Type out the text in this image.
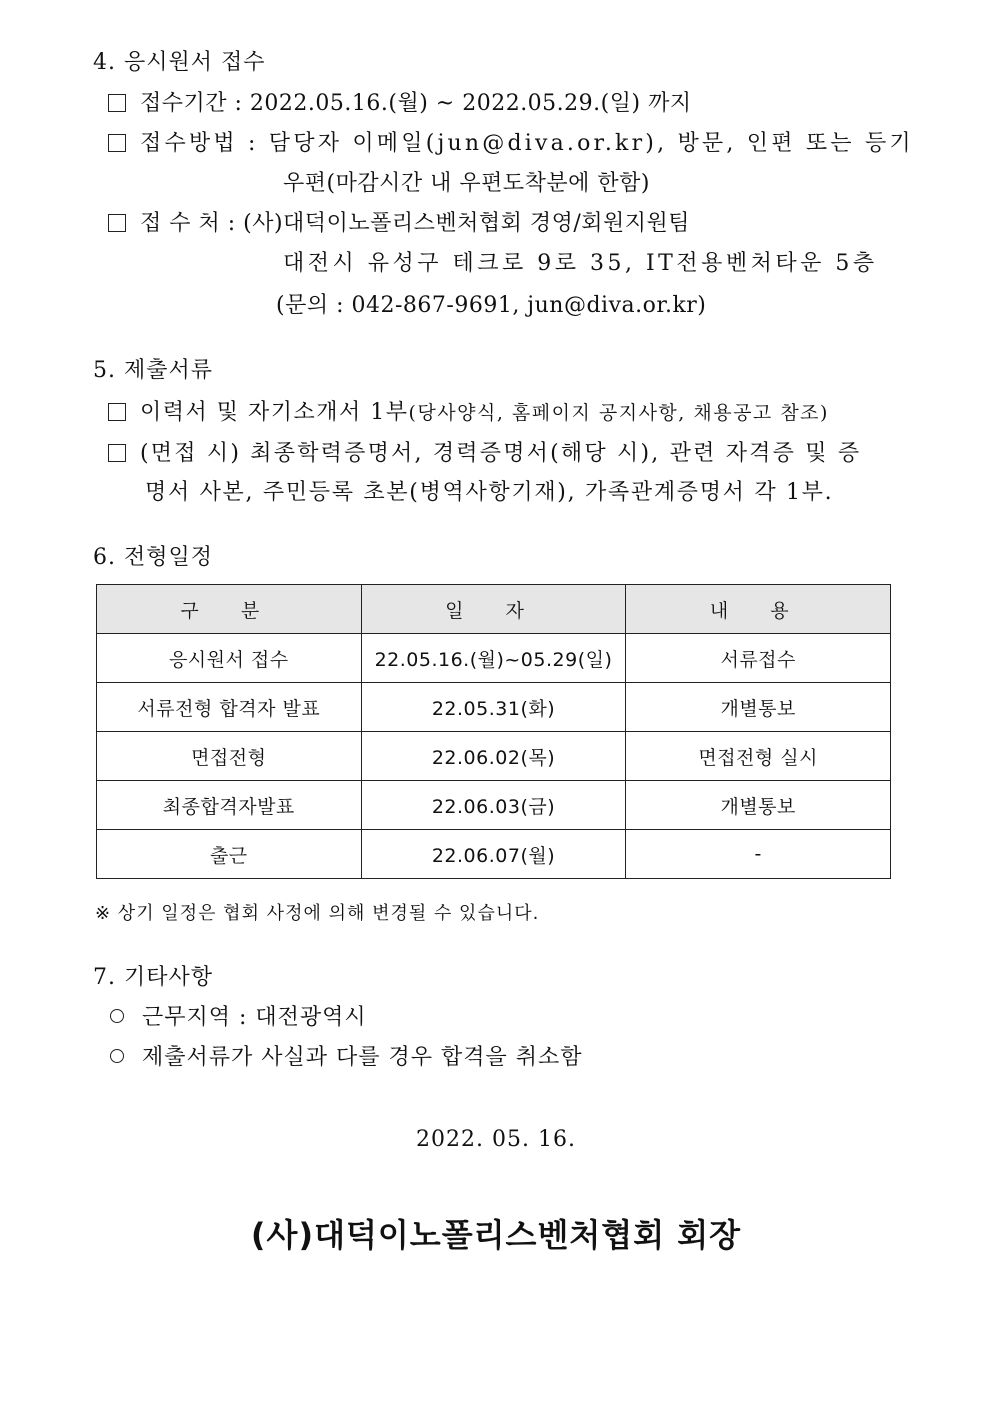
4. 응시원서 접수
접수기간 : 2022.05.16.(월) ~ 2022.05.29.(일) 까지
접수방법 : 담당자 이메일(jun@diva.or.kr), 방문, 인편 또는 등기
우편(마감시간 내 우편도착분에 한함)
접 수 처 : (사)대덕이노폴리스벤처협회 경영/회원지원팀
대전시 유성구 테크로 9로 35, IT전용벤처타운 5층
(문의 : 042-867-9691, jun@diva.or.kr)
5. 제출서류
이력서 및 자기소개서 1부(당사양식, 홈페이지 공지사항, 채용공고 참조)
(면접 시) 최종학력증명서, 경력증명서(해당 시), 관련 자격증 및 증
명서 사본, 주민등록 초본(병역사항기재), 가족관계증명서 각 1부.
6. 전형일정
구 분	일 자	내 용
응시원서 접수	22.05.16.(월)~05.29(일)	서류접수
서류전형 합격자 발표	22.05.31(화)	개별통보
면접전형	22.06.02(목)	면접전형 실시
최종합격자발표	22.06.03(금)	개별통보
출근	22.06.07(월)	-
※ 상기 일정은 협회 사정에 의해 변경될 수 있습니다.
7. 기타사항
근무지역 : 대전광역시
제출서류가 사실과 다를 경우 합격을 취소함
2022. 05. 16.
(사)대덕이노폴리스벤처협회 회장
